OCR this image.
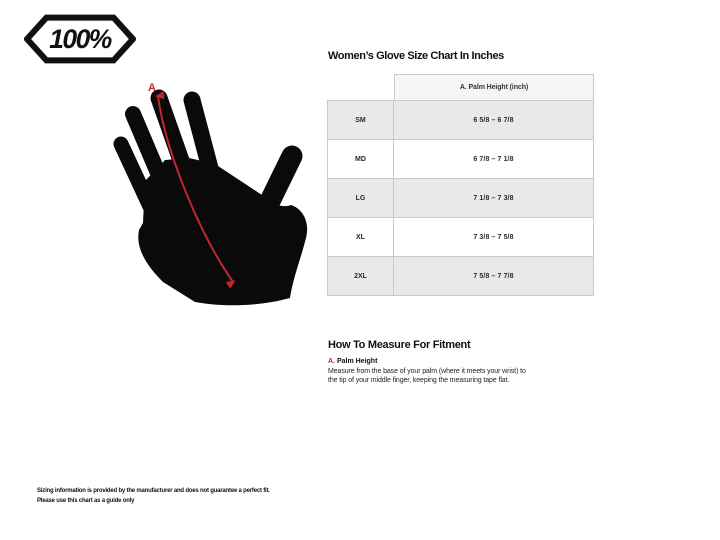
100%
A
Women’s Glove Size Chart In Inches
A. Palm Height (inch)
SM	6 5/8 – 6 7/8
MD	6 7/8 – 7 1/8
LG	7 1/8 – 7 3/8
XL	7 3/8 – 7 5/8
2XL	7 5/8 – 7 7/8
How To Measure For Fitment
A. Palm Height
Measure from the base of your palm (where it meets your wrist) to the tip of your middle finger, keeping the measuring tape flat.
Sizing information is provided by the manufacturer and does not guarantee a perfect fit.
Please use this chart as a guide only
